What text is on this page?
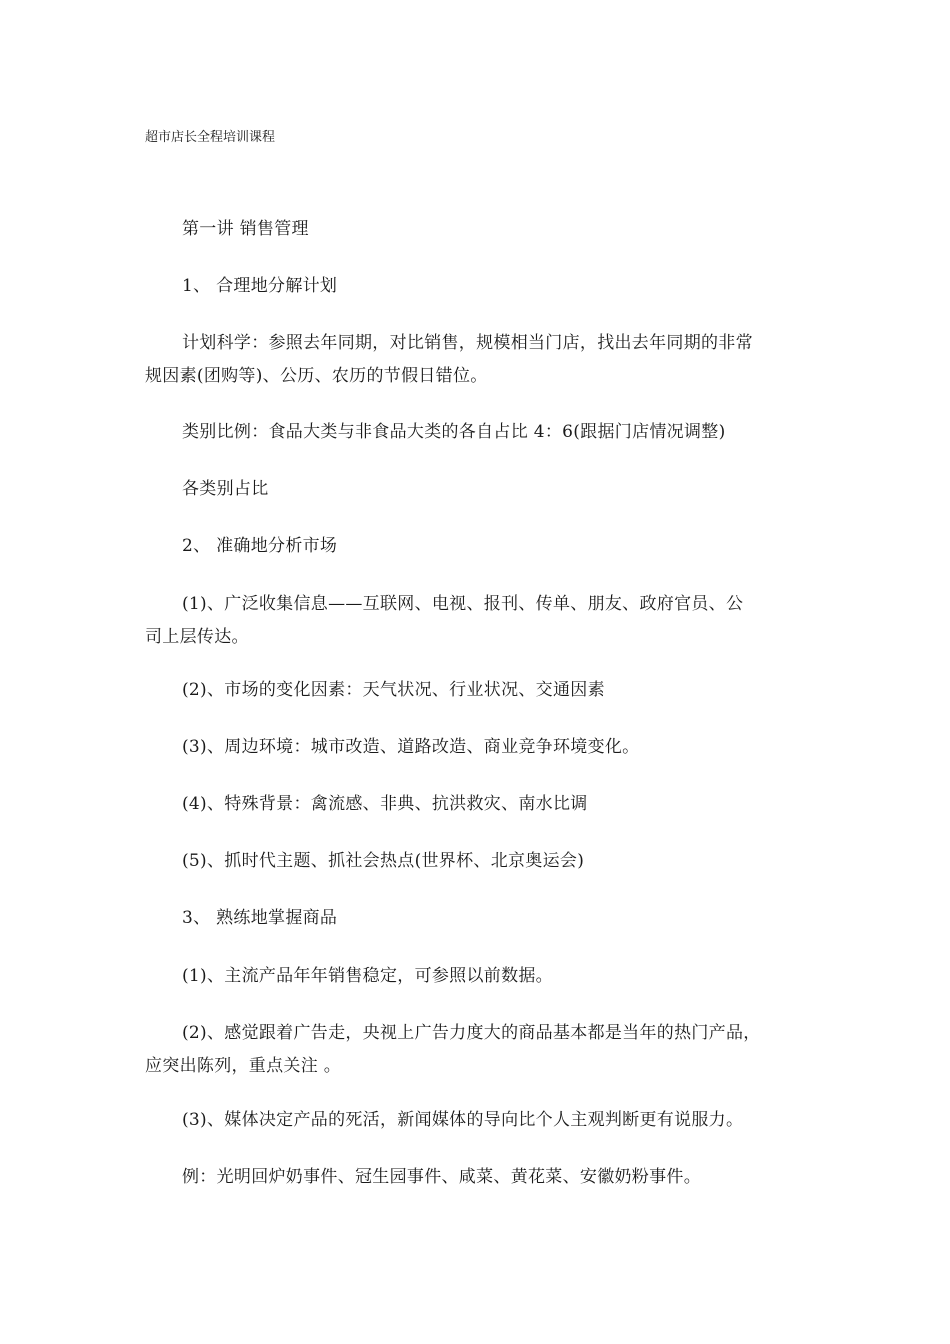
超市店长全程培训课程
第一讲 销售管理
1、 合理地分解计划
计划科学：参照去年同期，对比销售，规模相当门店，找出去年同期的非常
规因素(团购等)、公历、农历的节假日错位。
类别比例：食品大类与非食品大类的各自占比 4：6(跟据门店情况调整)
各类别占比
2、 准确地分析市场
(1)、广泛收集信息——互联网、电视、报刊、传单、朋友、政府官员、公
司上层传达。
(2)、市场的变化因素：天气状况、行业状况、交通因素
(3)、周边环境：城市改造、道路改造、商业竞争环境变化。
(4)、特殊背景：禽流感、非典、抗洪救灾、南水比调
(5)、抓时代主题、抓社会热点(世界杯、北京奥运会)
3、 熟练地掌握商品
(1)、主流产品年年销售稳定，可参照以前数据。
(2)、感觉跟着广告走，央视上广告力度大的商品基本都是当年的热门产品，
应突出陈列，重点关注 。
(3)、媒体决定产品的死活，新闻媒体的导向比个人主观判断更有说服力。
例：光明回炉奶事件、冠生园事件、咸菜、黄花菜、安徽奶粉事件。
